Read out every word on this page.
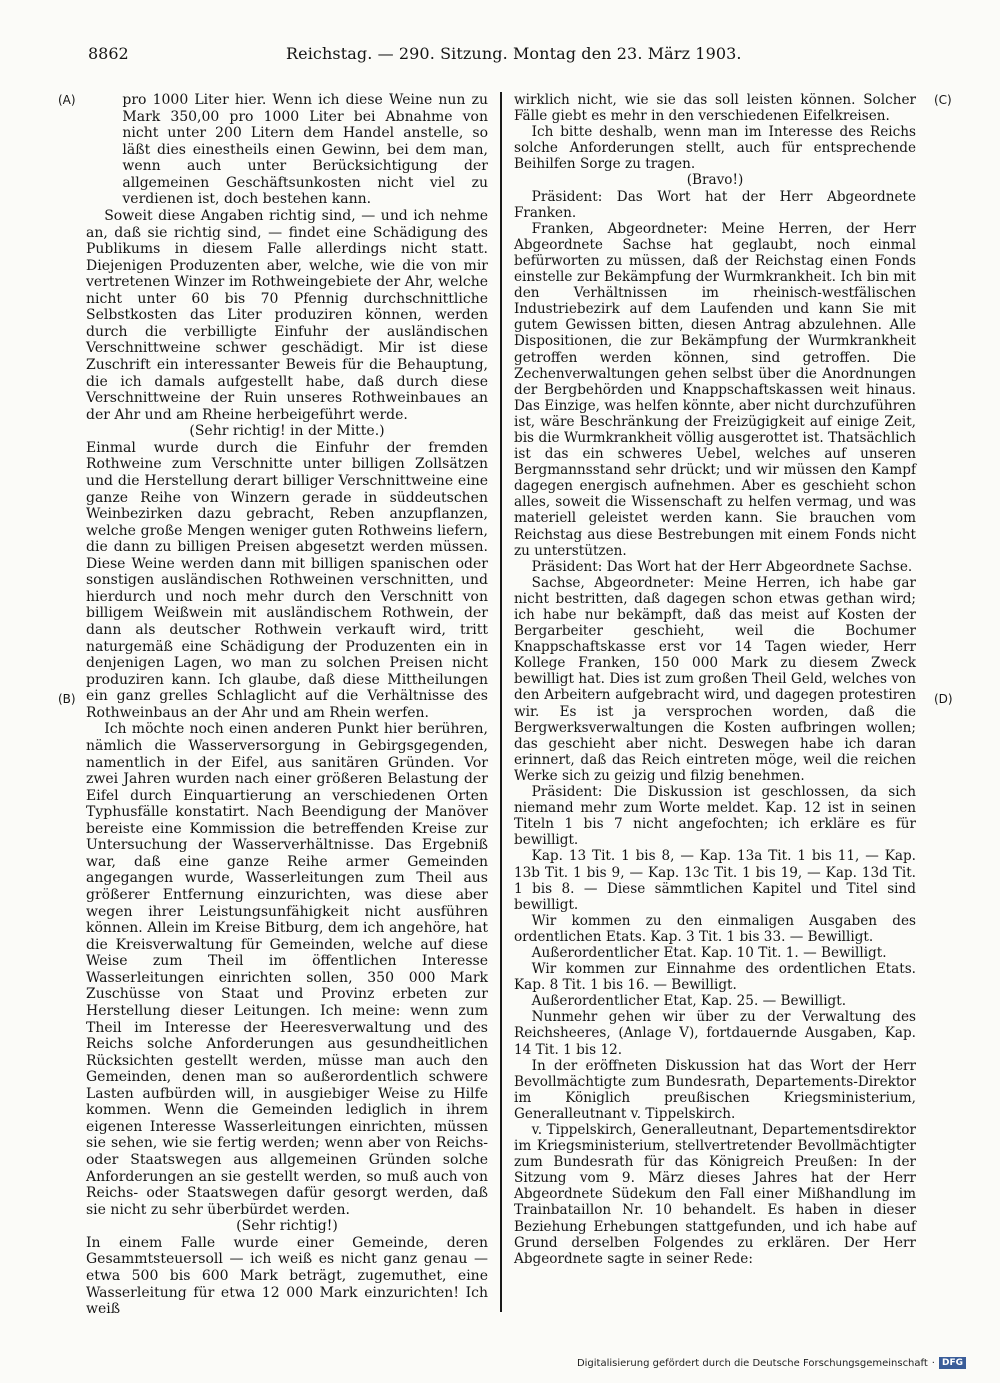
8862	Reichstag. — 290. Sitzung. Montag den 23. März 1903.
(A)
(B)
(C)
(D)

pro 1000 Liter hier. Wenn ich diese Weine nun zu Mark 350,00 pro 1000 Liter bei Abnahme von nicht unter 200 Litern dem Handel anstelle, so läßt dies einestheils einen Gewinn, bei dem man, wenn auch unter Berücksichtigung der allgemeinen Geschäftsunkosten nicht viel zu verdienen ist, doch bestehen kann.

Soweit diese Angaben richtig sind, — und ich nehme an, daß sie richtig sind, — findet eine Schädigung des Publikums in diesem Falle allerdings nicht statt. Diejenigen Produzenten aber, welche, wie die von mir vertretenen Winzer im Rothweingebiete der Ahr, welche nicht unter 60 bis 70 Pfennig durchschnittliche Selbstkosten das Liter produziren können, werden durch die verbilligte Einfuhr der ausländischen Verschnittweine schwer geschädigt. Mir ist diese Zuschrift ein interessanter Beweis für die Behauptung, die ich damals aufgestellt habe, daß durch diese Verschnittweine der Ruin unseres Rothweinbaues an der Ahr und am Rheine herbeigeführt werde.

(Sehr richtig! in der Mitte.)

Einmal wurde durch die Einfuhr der fremden Rothweine zum Verschnitte unter billigen Zollsätzen und die Herstellung derart billiger Verschnittweine eine ganze Reihe von Winzern gerade in süddeutschen Weinbezirken dazu gebracht, Reben anzupflanzen, welche große Mengen weniger guten Rothweins liefern, die dann zu billigen Preisen abgesetzt werden müssen. Diese Weine werden dann mit billigen spanischen oder sonstigen ausländischen Rothweinen verschnitten, und hierdurch und noch mehr durch den Verschnitt von billigem Weißwein mit ausländischem Rothwein, der dann als deutscher Rothwein verkauft wird, tritt naturgemäß eine Schädigung der Produzenten ein in denjenigen Lagen, wo man zu solchen Preisen nicht produziren kann. Ich glaube, daß diese Mittheilungen ein ganz grelles Schlaglicht auf die Verhältnisse des Rothweinbaus an der Ahr und am Rhein werfen.

Ich möchte noch einen anderen Punkt hier berühren, nämlich die Wasserversorgung in Gebirgsgegenden, namentlich in der Eifel, aus sanitären Gründen. Vor zwei Jahren wurden nach einer größeren Belastung der Eifel durch Einquartierung an verschiedenen Orten Typhusfälle konstatirt. Nach Beendigung der Manöver bereiste eine Kommission die betreffenden Kreise zur Untersuchung der Wasserverhältnisse. Das Ergebniß war, daß eine ganze Reihe armer Gemeinden angegangen wurde, Wasserleitungen zum Theil aus größerer Entfernung einzurichten, was diese aber wegen ihrer Leistungsunfähigkeit nicht ausführen können. Allein im Kreise Bitburg, dem ich angehöre, hat die Kreisverwaltung für Gemeinden, welche auf diese Weise zum Theil im öffentlichen Interesse Wasserleitungen einrichten sollen, 350 000 Mark Zuschüsse von Staat und Provinz erbeten zur Herstellung dieser Leitungen. Ich meine: wenn zum Theil im Interesse der Heeresverwaltung und des Reichs solche Anforderungen aus gesundheitlichen Rücksichten gestellt werden, müsse man auch den Gemeinden, denen man so außerordentlich schwere Lasten aufbürden will, in ausgiebiger Weise zu Hilfe kommen. Wenn die Gemeinden lediglich in ihrem eigenen Interesse Wasserleitungen einrichten, müssen sie sehen, wie sie fertig werden; wenn aber von Reichs- oder Staatswegen aus allgemeinen Gründen solche Anforderungen an sie gestellt werden, so muß auch von Reichs- oder Staatswegen dafür gesorgt werden, daß sie nicht zu sehr überbürdet werden.

(Sehr richtig!)

In einem Falle wurde einer Gemeinde, deren Gesammtsteuersoll — ich weiß es nicht ganz genau — etwa 500 bis 600 Mark beträgt, zugemuthet, eine Wasserleitung für etwa 12 000 Mark einzurichten! Ich weiß

wirklich nicht, wie sie das soll leisten können. Solcher Fälle giebt es mehr in den verschiedenen Eifelkreisen.

Ich bitte deshalb, wenn man im Interesse des Reichs solche Anforderungen stellt, auch für entsprechende Beihilfen Sorge zu tragen.

(Bravo!)

Präsident: Das Wort hat der Herr Abgeordnete Franken.

Franken, Abgeordneter: Meine Herren, der Herr Abgeordnete Sachse hat geglaubt, noch einmal befürworten zu müssen, daß der Reichstag einen Fonds einstelle zur Bekämpfung der Wurmkrankheit. Ich bin mit den Verhältnissen im rheinisch-westfälischen Industriebezirk auf dem Laufenden und kann Sie mit gutem Gewissen bitten, diesen Antrag abzulehnen. Alle Dispositionen, die zur Bekämpfung der Wurmkrankheit getroffen werden können, sind getroffen. Die Zechenverwaltungen gehen selbst über die Anordnungen der Bergbehörden und Knappschaftskassen weit hinaus. Das Einzige, was helfen könnte, aber nicht durchzuführen ist, wäre Beschränkung der Freizügigkeit auf einige Zeit, bis die Wurmkrankheit völlig ausgerottet ist. Thatsächlich ist das ein schweres Uebel, welches auf unseren Bergmannsstand sehr drückt; und wir müssen den Kampf dagegen energisch aufnehmen. Aber es geschieht schon alles, soweit die Wissenschaft zu helfen vermag, und was materiell geleistet werden kann. Sie brauchen vom Reichstag aus diese Bestrebungen mit einem Fonds nicht zu unterstützen.

Präsident: Das Wort hat der Herr Abgeordnete Sachse.

Sachse, Abgeordneter: Meine Herren, ich habe gar nicht bestritten, daß dagegen schon etwas gethan wird; ich habe nur bekämpft, daß das meist auf Kosten der Bergarbeiter geschieht, weil die Bochumer Knappschaftskasse erst vor 14 Tagen wieder, Herr Kollege Franken, 150 000 Mark zu diesem Zweck bewilligt hat. Dies ist zum großen Theil Geld, welches von den Arbeitern aufgebracht wird, und dagegen protestiren wir. Es ist ja versprochen worden, daß die Bergwerksverwaltungen die Kosten aufbringen wollen; das geschieht aber nicht. Deswegen habe ich daran erinnert, daß das Reich eintreten möge, weil die reichen Werke sich zu geizig und filzig benehmen.

Präsident: Die Diskussion ist geschlossen, da sich niemand mehr zum Worte meldet. Kap. 12 ist in seinen Titeln 1 bis 7 nicht angefochten; ich erkläre es für bewilligt.

Kap. 13 Tit. 1 bis 8, — Kap. 13a Tit. 1 bis 11, — Kap. 13b Tit. 1 bis 9, — Kap. 13c Tit. 1 bis 19, — Kap. 13d Tit. 1 bis 8. — Diese sämmtlichen Kapitel und Titel sind bewilligt.

Wir kommen zu den einmaligen Ausgaben des ordentlichen Etats. Kap. 3 Tit. 1 bis 33. — Bewilligt.

Außerordentlicher Etat. Kap. 10 Tit. 1. — Bewilligt.

Wir kommen zur Einnahme des ordentlichen Etats. Kap. 8 Tit. 1 bis 16. — Bewilligt.

Außerordentlicher Etat, Kap. 25. — Bewilligt.

Nunmehr gehen wir über zu der Verwaltung des Reichsheeres, (Anlage V), fortdauernde Ausgaben, Kap. 14 Tit. 1 bis 12.

In der eröffneten Diskussion hat das Wort der Herr Bevollmächtigte zum Bundesrath, Departements-Direktor im Königlich preußischen Kriegsministerium, Generalleutnant v. Tippelskirch.

v. Tippelskirch, Generalleutnant, Departementsdirektor im Kriegsministerium, stellvertretender Bevollmächtigter zum Bundesrath für das Königreich Preußen: In der Sitzung vom 9. März dieses Jahres hat der Herr Abgeordnete Südekum den Fall einer Mißhandlung im Trainbataillon Nr. 10 behandelt. Es haben in dieser Beziehung Erhebungen stattgefunden, und ich habe auf Grund derselben Folgendes zu erklären. Der Herr Abgeordnete sagte in seiner Rede:

Digitalisierung gefördert durch die Deutsche Forschungsgemeinschaft · DFG
